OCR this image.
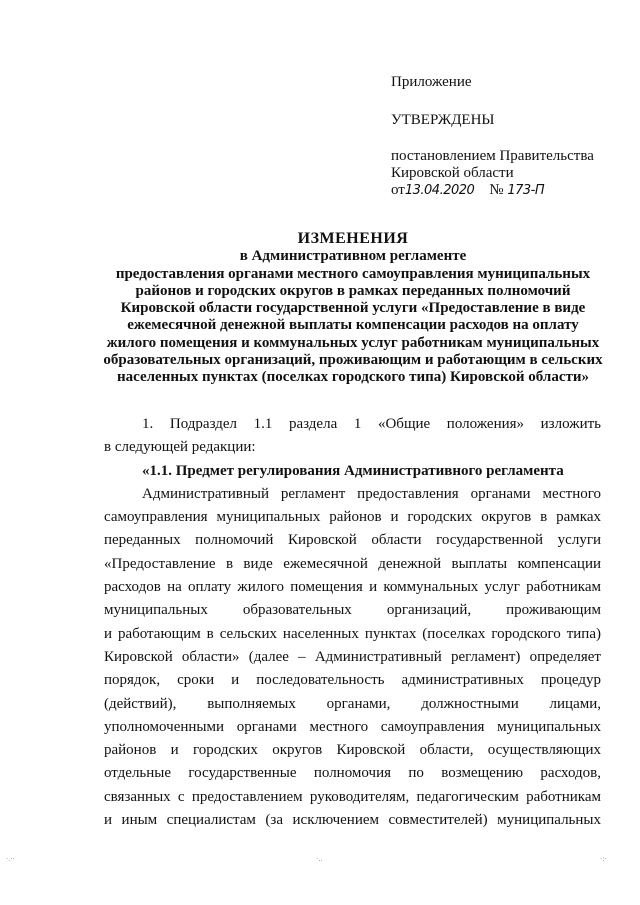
Приложение
УТВЕРЖДЕНЫ
постановлением Правительства
Кировской области
от13.04.2020 № 173-П
ИЗМЕНЕНИЯ
в Административном регламенте
предоставления органами местного самоуправления муниципальных
районов и городских округов в рамках переданных полномочий
Кировской области государственной услуги «Предоставление в виде
ежемесячной денежной выплаты компенсации расходов на оплату
жилого помещения и коммунальных услуг работникам муниципальных
образовательных организаций, проживающим и работающим в сельских
населенных пунктах (поселках городского типа) Кировской области»
1. Подраздел 1.1 раздела 1 «Общие положения» изложить
в следующей редакции:
«1.1. Предмет регулирования Административного регламента
Административный регламент предоставления органами местного
самоуправления муниципальных районов и городских округов в рамках
переданных полномочий Кировской области государственной услуги
«Предоставление в виде ежемесячной денежной выплаты компенсации
расходов на оплату жилого помещения и коммунальных услуг работникам
муниципальных образовательных организаций, проживающим
и работающим в сельских населенных пунктах (поселках городского типа)
Кировской области» (далее – Административный регламент) определяет
порядок, сроки и последовательность административных процедур
(действий), выполняемых органами, должностными лицами,
уполномоченными органами местного самоуправления муниципальных
районов и городских округов Кировской области, осуществляющих
отдельные государственные полномочия по возмещению расходов,
связанных с предоставлением руководителям, педагогическим работникам
и иным специалистам (за исключением совместителей) муниципальных
·.··	·..	·:·
